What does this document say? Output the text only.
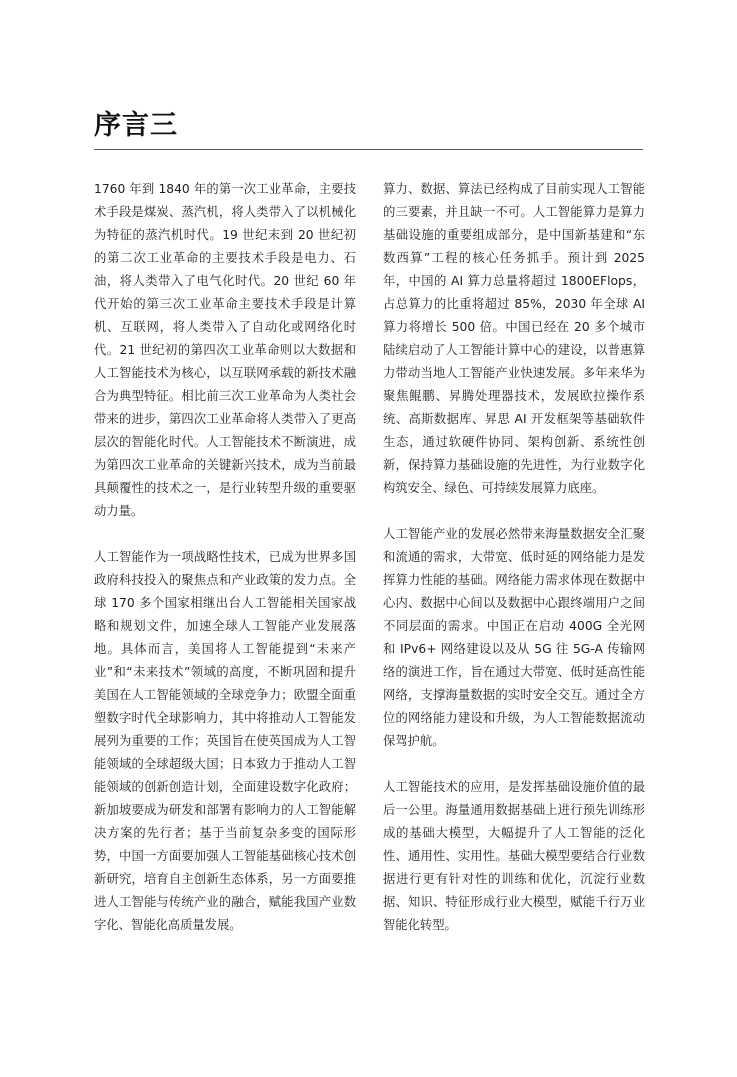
序言三

1760 年到 1840 年的第一次工业革命，主要技术手段是煤炭、蒸汽机，将人类带入了以机械化为特征的蒸汽机时代。19 世纪末到 20 世纪初的第二次工业革命的主要技术手段是电力、石油，将人类带入了电气化时代。20 世纪 60 年代开始的第三次工业革命主要技术手段是计算机、互联网，将人类带入了自动化或网络化时代。21 世纪初的第四次工业革命则以大数据和人工智能技术为核心，以互联网承载的新技术融合为典型特征。相比前三次工业革命为人类社会带来的进步，第四次工业革命将人类带入了更高层次的智能化时代。人工智能技术不断演进，成为第四次工业革命的关键新兴技术，成为当前最具颠覆性的技术之一，是行业转型升级的重要驱动力量。

人工智能作为一项战略性技术，已成为世界多国政府科技投入的聚焦点和产业政策的发力点。全球 170 多个国家相继出台人工智能相关国家战略和规划文件，加速全球人工智能产业发展落地。具体而言，美国将人工智能提到“未来产业”和“未来技术”领域的高度，不断巩固和提升美国在人工智能领域的全球竞争力；欧盟全面重塑数字时代全球影响力，其中将推动人工智能发展列为重要的工作；英国旨在使英国成为人工智能领域的全球超级大国；日本致力于推动人工智能领域的创新创造计划，全面建设数字化政府；新加坡要成为研发和部署有影响力的人工智能解决方案的先行者；基于当前复杂多变的国际形势，中国一方面要加强人工智能基础核心技术创新研究，培育自主创新生态体系，另一方面要推进人工智能与传统产业的融合，赋能我国产业数字化、智能化高质量发展。

算力、数据、算法已经构成了目前实现人工智能的三要素，并且缺一不可。人工智能算力是算力基础设施的重要组成部分，是中国新基建和“东数西算”工程的核心任务抓手。预计到 2025 年，中国的 AI 算力总量将超过 1800EFlops，占总算力的比重将超过 85%，2030 年全球 AI 算力将增长 500 倍。中国已经在 20 多个城市陆续启动了人工智能计算中心的建设，以普惠算力带动当地人工智能产业快速发展。多年来华为聚焦鲲鹏、昇腾处理器技术，发展欧拉操作系统、高斯数据库、昇思 AI 开发框架等基础软件生态，通过软硬件协同、架构创新、系统性创新，保持算力基础设施的先进性，为行业数字化构筑安全、绿色、可持续发展算力底座。

人工智能产业的发展必然带来海量数据安全汇聚和流通的需求，大带宽、低时延的网络能力是发挥算力性能的基础。网络能力需求体现在数据中心内、数据中心间以及数据中心跟终端用户之间不同层面的需求。中国正在启动 400G 全光网和 IPv6+ 网络建设以及从 5G 往 5G-A 传输网络的演进工作，旨在通过大带宽、低时延高性能网络，支撑海量数据的实时安全交互。通过全方位的网络能力建设和升级，为人工智能数据流动保驾护航。

人工智能技术的应用，是发挥基础设施价值的最后一公里。海量通用数据基础上进行预先训练形成的基础大模型，大幅提升了人工智能的泛化性、通用性、实用性。基础大模型要结合行业数据进行更有针对性的训练和优化，沉淀行业数据、知识、特征形成行业大模型，赋能千行万业智能化转型。
